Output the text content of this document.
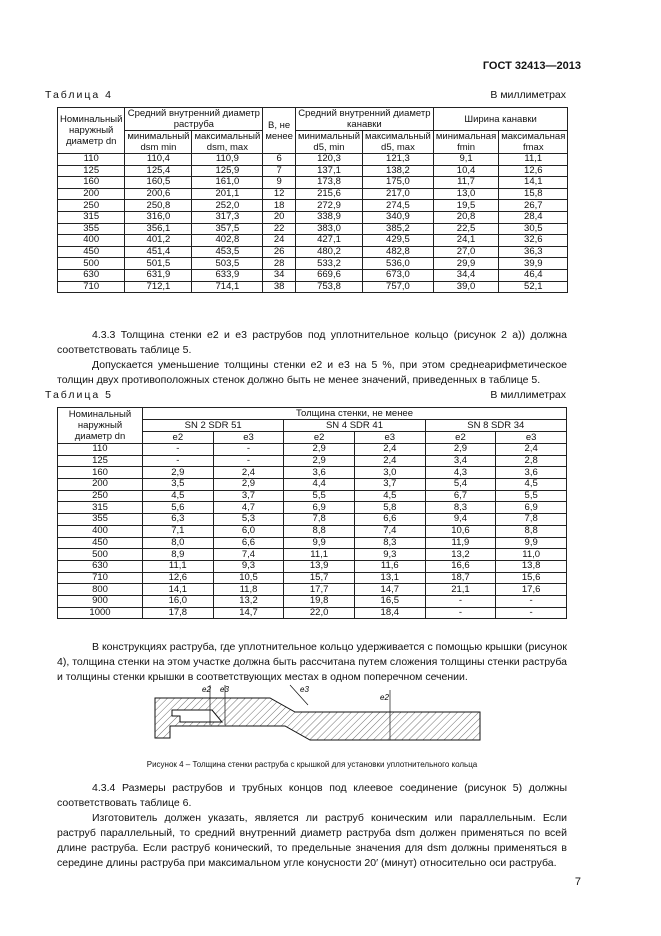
ГОСТ 32413—2013
Таблица 4	В миллиметрах
Номинальный наружный диаметр dn	Средний внутренний диаметр раструба		B, не менее	Средний внутренний диаметр канавки		Ширина канавки	
	минимальный dsm min	максимальный dsm, max		минимальный d5, min	максимальный d5, max	минимальная fmin	максимальная fmax
110	110,4	110,9	6	120,3	121,3	9,1	11,1
125	125,4	125,9	7	137,1	138,2	10,4	12,6
160	160,5	161,0	9	173,8	175,0	11,7	14,1
200	200,6	201,1	12	215,6	217,0	13,0	15,8
250	250,8	252,0	18	272,9	274,5	19,5	26,7
315	316,0	317,3	20	338,9	340,9	20,8	28,4
355	356,1	357,5	22	383,0	385,2	22,5	30,5
400	401,2	402,8	24	427,1	429,5	24,1	32,6
450	451,4	453,5	26	480,2	482,8	27,0	36,3
500	501,5	503,5	28	533,2	536,0	29,9	39,9
630	631,9	633,9	34	669,6	673,0	34,4	46,4
710	712,1	714,1	38	753,8	757,0	39,0	52,1

4.3.3 Толщина стенки e2 и e3 раструбов под уплотнительное кольцо (рисунок 2 а)) должна соответствовать таблице 5.

Допускается уменьшение толщины стенки e2 и e3 на 5 %, при этом среднеарифметическое толщин двух противоположных стенок должно быть не менее значений, приведенных в таблице 5.

Таблица 5	В миллиметрах
Номинальный наружный диаметр dn	Толщина стенки, не менее					
	SN 2 SDR 51		SN 4 SDR 41		SN 8 SDR 34	
	e2	e3	e2	e3	e2	e3
110	-	-	2,9	2,4	2,9	2,4
125	-	-	2,9	2,4	3,4	2,8
160	2,9	2,4	3,6	3,0	4,3	3,6
200	3,5	2,9	4,4	3,7	5,4	4,5
250	4,5	3,7	5,5	4,5	6,7	5,5
315	5,6	4,7	6,9	5,8	8,3	6,9
355	6,3	5,3	7,8	6,6	9,4	7,8
400	7,1	6,0	8,8	7,4	10,6	8,8
450	8,0	6,6	9,9	8,3	11,9	9,9
500	8,9	7,4	11,1	9,3	13,2	11,0
630	11,1	9,3	13,9	11,6	16,6	13,8
710	12,6	10,5	15,7	13,1	18,7	15,6
800	14,1	11,8	17,7	14,7	21,1	17,6
900	16,0	13,2	19,8	16,5	-	-
1000	17,8	14,7	22,0	18,4	-	-

В конструкциях раструба, где уплотнительное кольцо удерживается с помощью крышки (рисунок 4), толщина стенки на этом участке должна быть рассчитана путем сложения толщины стенки раструба и толщины стенки крышки в соответствующих местах в одном поперечном сечении.

e2 e3	e3
e2
Рисунок 4 – Толщина стенки раструба с крышкой для установки уплотнительного кольца

4.3.4 Размеры раструбов и трубных концов под клеевое соединение (рисунок 5) должны соответствовать таблице 6.

Изготовитель должен указать, является ли раструб коническим или параллельным. Если раструб параллельный, то средний внутренний диаметр раструба dsm должен применяться по всей длине раструба. Если раструб конический, то предельные значения для dsm должны применяться в середине длины раструба при максимальном угле конусности 20′ (минут) относительно оси раструба.

7
